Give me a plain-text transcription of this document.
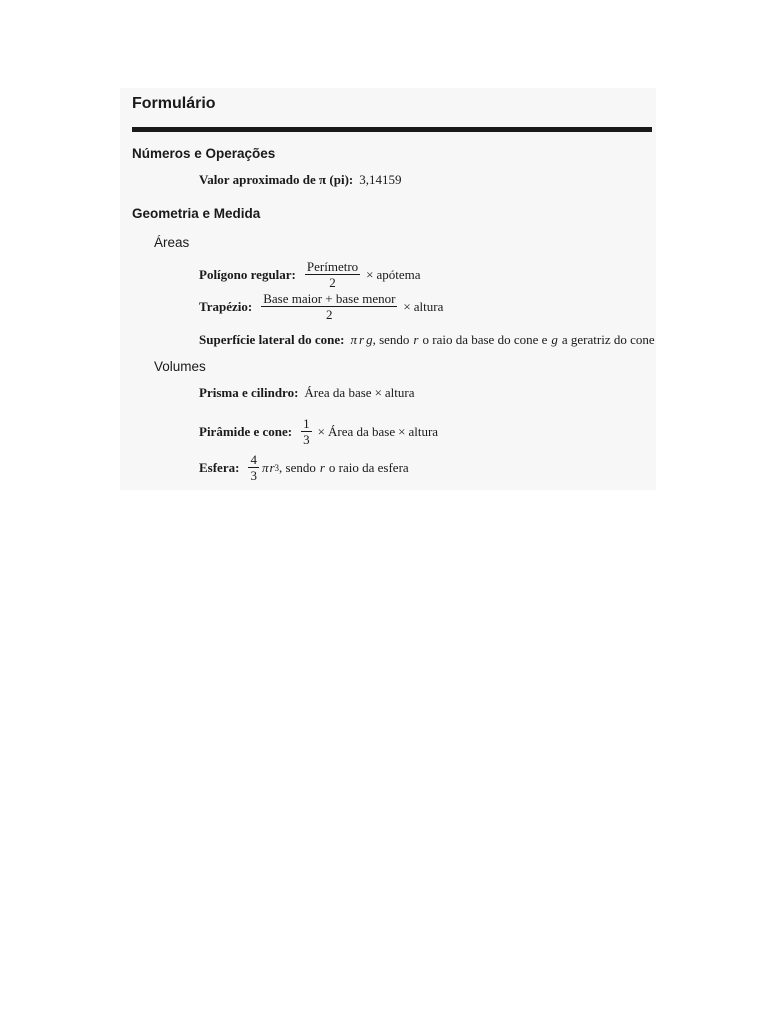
Formulário
Números e Operações
Valor aproximado de π (pi): 3,14159
Geometria e Medida
Áreas
Polígono regular: $\frac{\text{Perímetro}}{2}$ × apótema
Trapézio: $\frac{\text{Base maior + base menor}}{2}$ × altura
Superfície lateral do cone: π r g , sendo r o raio da base do cone e g a geratriz do cone
Volumes
Prisma e cilindro: Área da base × altura
Pirâmide e cone: $\frac{1}{3}$ × Área da base × altura
Esfera: $\frac{4}{3}$ π r 3 , sendo r o raio da esfera
